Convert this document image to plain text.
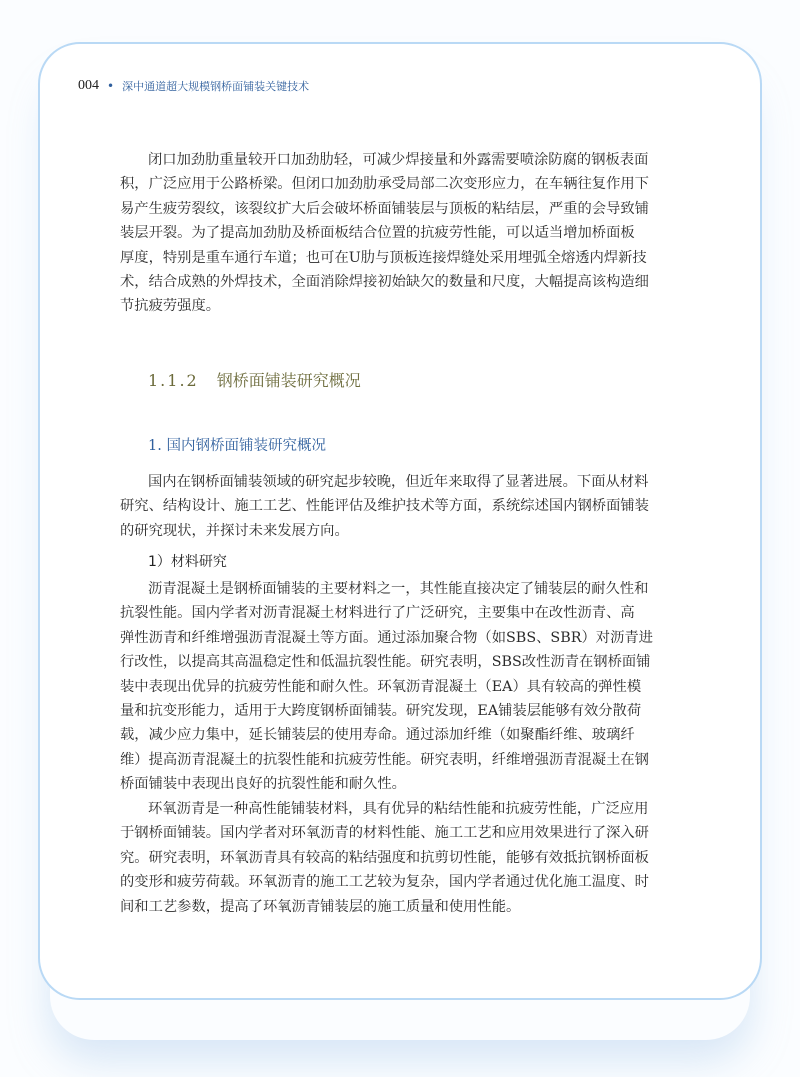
004 • 深中通道超大规模钢桥面铺装关键技术
闭口加劲肋重量较开口加劲肋轻，可减少焊接量和外露需要喷涂防腐的钢板表面
积，广泛应用于公路桥梁。但闭口加劲肋承受局部二次变形应力，在车辆往复作用下
易产生疲劳裂纹，该裂纹扩大后会破坏桥面铺装层与顶板的粘结层，严重的会导致铺
装层开裂。为了提高加劲肋及桥面板结合位置的抗疲劳性能，可以适当增加桥面板
厚度，特别是重车通行车道；也可在U肋与顶板连接焊缝处采用埋弧全熔透内焊新技
术，结合成熟的外焊技术，全面消除焊接初始缺欠的数量和尺度，大幅提高该构造细
节抗疲劳强度。
1.1.2 钢桥面铺装研究概况
1. 国内钢桥面铺装研究概况
国内在钢桥面铺装领域的研究起步较晚，但近年来取得了显著进展。下面从材料
研究、结构设计、施工工艺、性能评估及维护技术等方面，系统综述国内钢桥面铺装
的研究现状，并探讨未来发展方向。
1）材料研究
沥青混凝土是钢桥面铺装的主要材料之一，其性能直接决定了铺装层的耐久性和
抗裂性能。国内学者对沥青混凝土材料进行了广泛研究，主要集中在改性沥青、高
弹性沥青和纤维增强沥青混凝土等方面。通过添加聚合物（如SBS、SBR）对沥青进
行改性，以提高其高温稳定性和低温抗裂性能。研究表明，SBS改性沥青在钢桥面铺
装中表现出优异的抗疲劳性能和耐久性。环氧沥青混凝土（EA）具有较高的弹性模
量和抗变形能力，适用于大跨度钢桥面铺装。研究发现，EA铺装层能够有效分散荷
载，减少应力集中，延长铺装层的使用寿命。通过添加纤维（如聚酯纤维、玻璃纤
维）提高沥青混凝土的抗裂性能和抗疲劳性能。研究表明，纤维增强沥青混凝土在钢
桥面铺装中表现出良好的抗裂性能和耐久性。
环氧沥青是一种高性能铺装材料，具有优异的粘结性能和抗疲劳性能，广泛应用
于钢桥面铺装。国内学者对环氧沥青的材料性能、施工工艺和应用效果进行了深入研
究。研究表明，环氧沥青具有较高的粘结强度和抗剪切性能，能够有效抵抗钢桥面板
的变形和疲劳荷载。环氧沥青的施工工艺较为复杂，国内学者通过优化施工温度、时
间和工艺参数，提高了环氧沥青铺装层的施工质量和使用性能。
